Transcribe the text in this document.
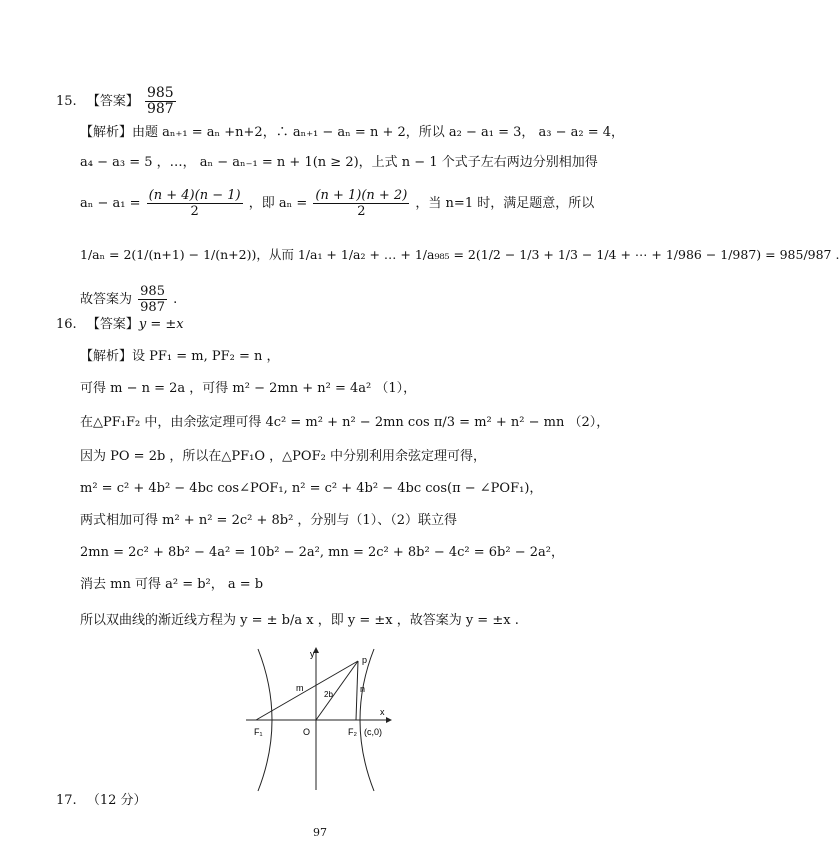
15. 【答案】 $\frac{985}{987}$
【解析】由题 aₙ₊₁ = aₙ +n+2，∴ aₙ₊₁ − aₙ = n + 2，所以 a₂ − a₁ = 3， a₃ − a₂ = 4，
a₄ − a₃ = 5 ，…， aₙ − aₙ₋₁ = n + 1(n ≥ 2)，上式 n − 1 个式子左右两边分别相加得
$a_n - a_1 = \frac{(n + 4)(n - 1)}{2}$ ，即 $a_n = \frac{(n + 1)(n + 2)}{2}$ ，当 n=1 时，满足题意，所以
1/aₙ = 2(1/(n+1) − 1/(n+2))，从而 1/a₁ + 1/a₂ + … + 1/a₉₈₅ = 2(1/2 − 1/3 + 1/3 − 1/4 + ⋯ + 1/986 − 1/987) = 985/987 .
故答案为 $\frac{985}{987}$ .
16. 【答案】y = ±x
【解析】设 PF₁ = m, PF₂ = n ，
可得 m − n = 2a ，可得 m² − 2mn + n² = 4a² （1），
在△PF₁F₂ 中，由余弦定理可得 4c² = m² + n² − 2mn cos π/3 = m² + n² − mn （2），
因为 PO = 2b ，所以在△PF₁O ，△POF₂ 中分别利用余弦定理可得，
m² = c² + 4b² − 4bc cos∠POF₁, n² = c² + 4b² − 4bc cos(π − ∠POF₁)，
两式相加可得 m² + n² = 2c² + 8b² ，分别与（1）、（2）联立得
2mn = 2c² + 8b² − 4a² = 10b² − 2a², mn = 2c² + 8b² − 4c² = 6b² − 2a²，
消去 mn 可得 a² = b²， a = b
所以双曲线的渐近线方程为 y = ± b/a x ，即 y = ±x ，故答案为 y = ±x .
y
x
p
m	n
2b
F₁	O	F₂ (c,0)
17. （12 分）
97
